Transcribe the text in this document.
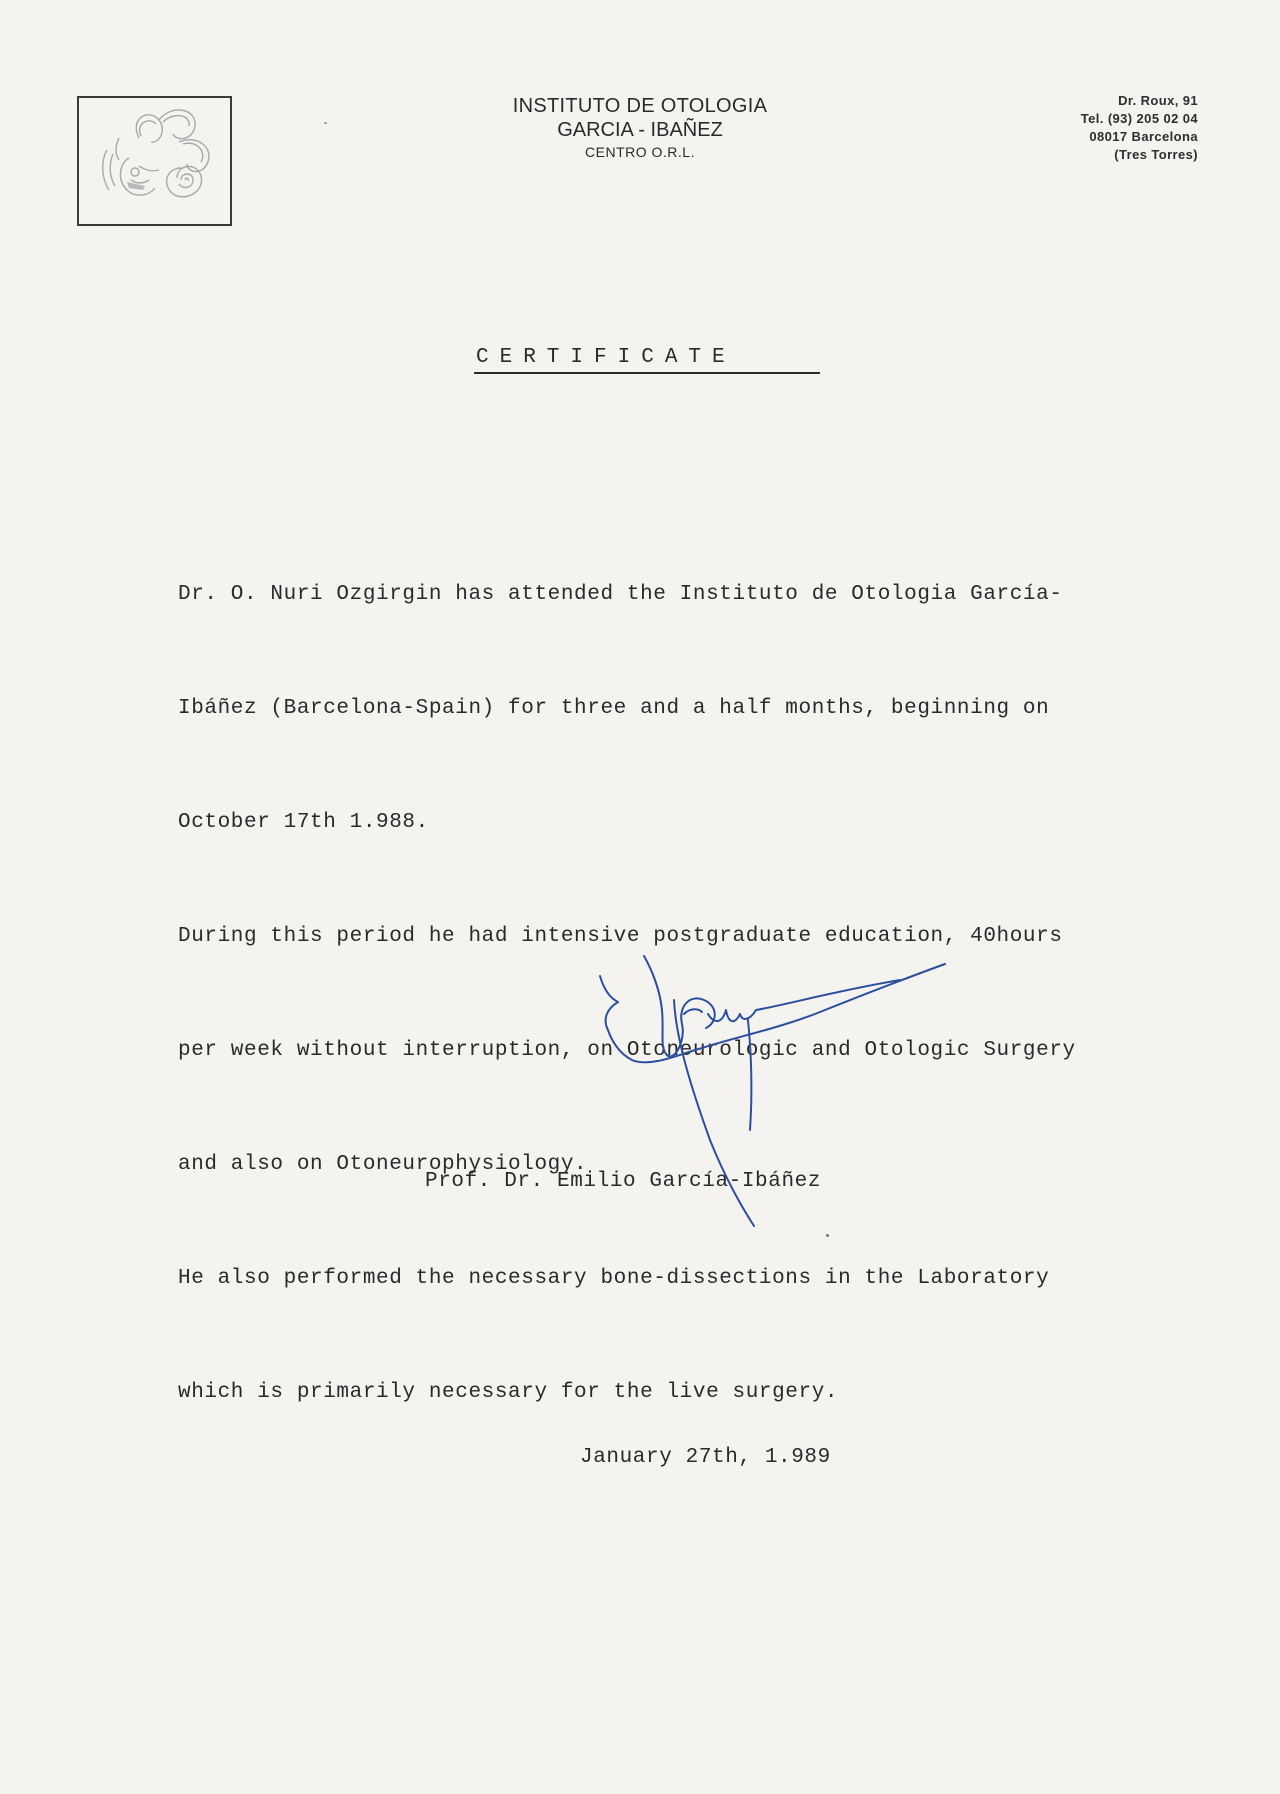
INSTITUTO DE OTOLOGIA
GARCIA - IBAÑEZ
CENTRO O.R.L.
Dr. Roux, 91
Tel. (93) 205 02 04
08017 Barcelona
(Tres Torres)
CERTIFICATE

Dr. O. Nuri Ozgirgin has attended the Instituto de Otologia García-

Ibáñez (Barcelona-Spain) for three and a half months, beginning on

October 17th 1.988.

During this period he had intensive postgraduate education, 40hours

per week without interruption, on Otoneurologic and Otologic Surgery

and also on Otoneurophysiology.

He also performed the necessary bone-dissections in the Laboratory

which is primarily necessary for the live surgery.

Prof. Dr. Emilio García-Ibáñez
January 27th, 1.989
